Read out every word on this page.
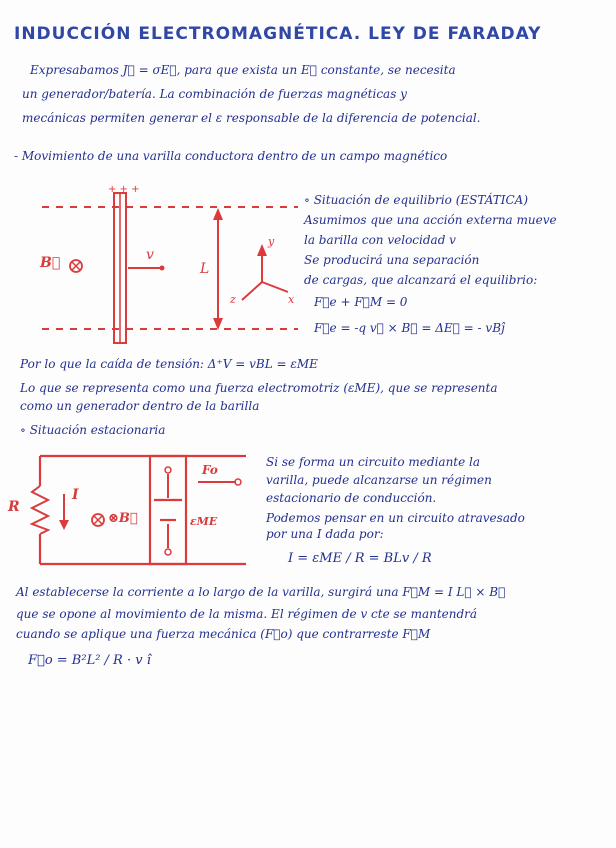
INDUCCIÓN ELECTROMAGNÉTICA. LEY DE FARADAY
Expresabamos J⃗ = σE⃗, para que exista un E⃗ constante, se necesita
un generador/batería. La combinación de fuerzas magnéticas y
mecánicas permiten generar el ε responsable de la diferencia de potencial.
- Movimiento de una varilla conductora dentro de un campo magnético
+ + +
B⃗	v
L
y
x
z
∘ Situación de equilibrio (ESTÁTICA)
Asumimos que una acción externa mueve
la barilla con velocidad v
Se producirá una separación
de cargas, que alcanzará el equilibrio:
F⃗e + F⃗M = 0
F⃗e = -q v⃗ × B⃗ = ΔE⃗ = - vBĵ
Por lo que la caída de tensión: Δ⁺V = vBL = εME
Lo que se representa como una fuerza electromotriz (εME), que se representa
como un generador dentro de la barilla
∘ Situación estacionaria
R
I
⊗B⃗
Fo
εME
Si se forma un circuito mediante la
varilla, puede alcanzarse un régimen
estacionario de conducción.
Podemos pensar en un circuito atravesado
por una I dada por:
I = εME / R = BLv / R
Al establecerse la corriente a lo largo de la varilla, surgirá una F⃗M = I L⃗ × B⃗
que se opone al movimiento de la misma. El régimen de v cte se mantendrá
cuando se aplique una fuerza mecánica (F⃗o) que contrarreste F⃗M
F⃗o = B²L² / R · v î
